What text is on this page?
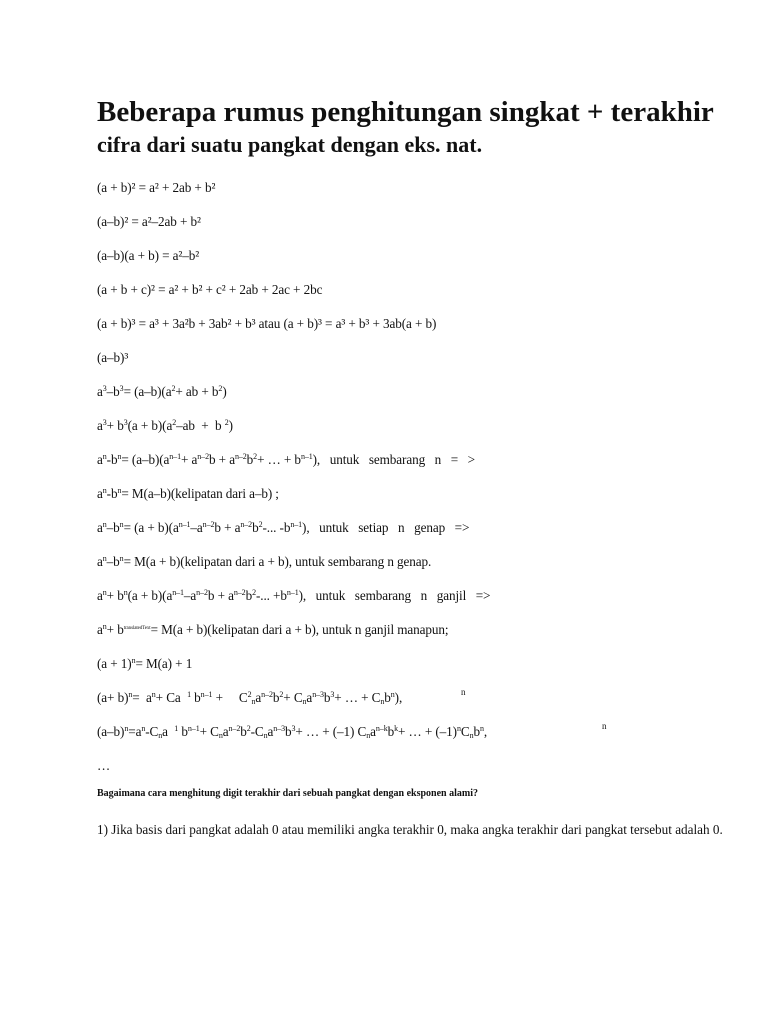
Beberapa rumus penghitungan singkat + terakhir
cifra dari suatu pangkat dengan eks. nat.
(a + b)² = a² + 2ab + b²
(a–b)² = a²–2ab + b²
(a–b)(a + b) = a²–b²
(a + b + c)² = a² + b² + c² + 2ab + 2ac + 2bc
(a + b)³ = a³ + 3a²b + 3ab² + b³ atau (a + b)³ = a³ + b³ + 3ab(a + b)
(a–b)³
$a^3-b^3= (a-b)(a^2+$ ab + $b^2$)
$a^3+ b^3(a + b)(a^2-ab + b$ $^2$)
$a^n-b^n= (a-b)(a^{n-1}+ a^{n-2}b + a^{n-2}b^2+$ … + $b^{n-1}$),   untuk   sembarang   n   =   >
$a^n-b^n=$ M(a–b)(kelipatan dari a–b) ;
$a^n-b^n= (a + b)(a^{n-1}-a^{n-2}b + a^{n-2}b^2-$... $-b^{n-1}$),   untuk   setiap   n   genap   =>
$a^n-b^n= M(a$ + b)(kelipatan dari a + b), untuk sembarang n genap.
$a^n+ b^n(a + b)(a^{n-1}-a^{n-2}b + a^{n-2}b^2-$... $+b^{n-1}$),   untuk   sembarang   n   ganjil   =>
$a^n+ b^{translatedText}= M(a$ + b)(kelipatan dari a + b), untuk n ganjil manapun;
$(a + 1)^n= M(a) + 1$
$(a+ b)^n= a^n+ Ca$  $^1$ $b^{n-1}$ +     $C^2_na^{n-2}b^2+ C_na^{n-3}b^3+$ … + $C_nb^n$),	n
$(a-b)^n=a^n-C_na$  $^1$ $b^{n-1}+ C_na^{n-2}b^2-C_na^{n-3}b^3+$ … + (–1) $C_na^{n-k}b^k+$ … + $(-1)^nC_nb^n$,	n
…
Bagaimana cara menghitung digit terakhir dari sebuah pangkat dengan eksponen alami?

1) Jika basis dari pangkat adalah 0 atau memiliki angka terakhir 0, maka angka terakhir dari pangkat tersebut adalah 0.
